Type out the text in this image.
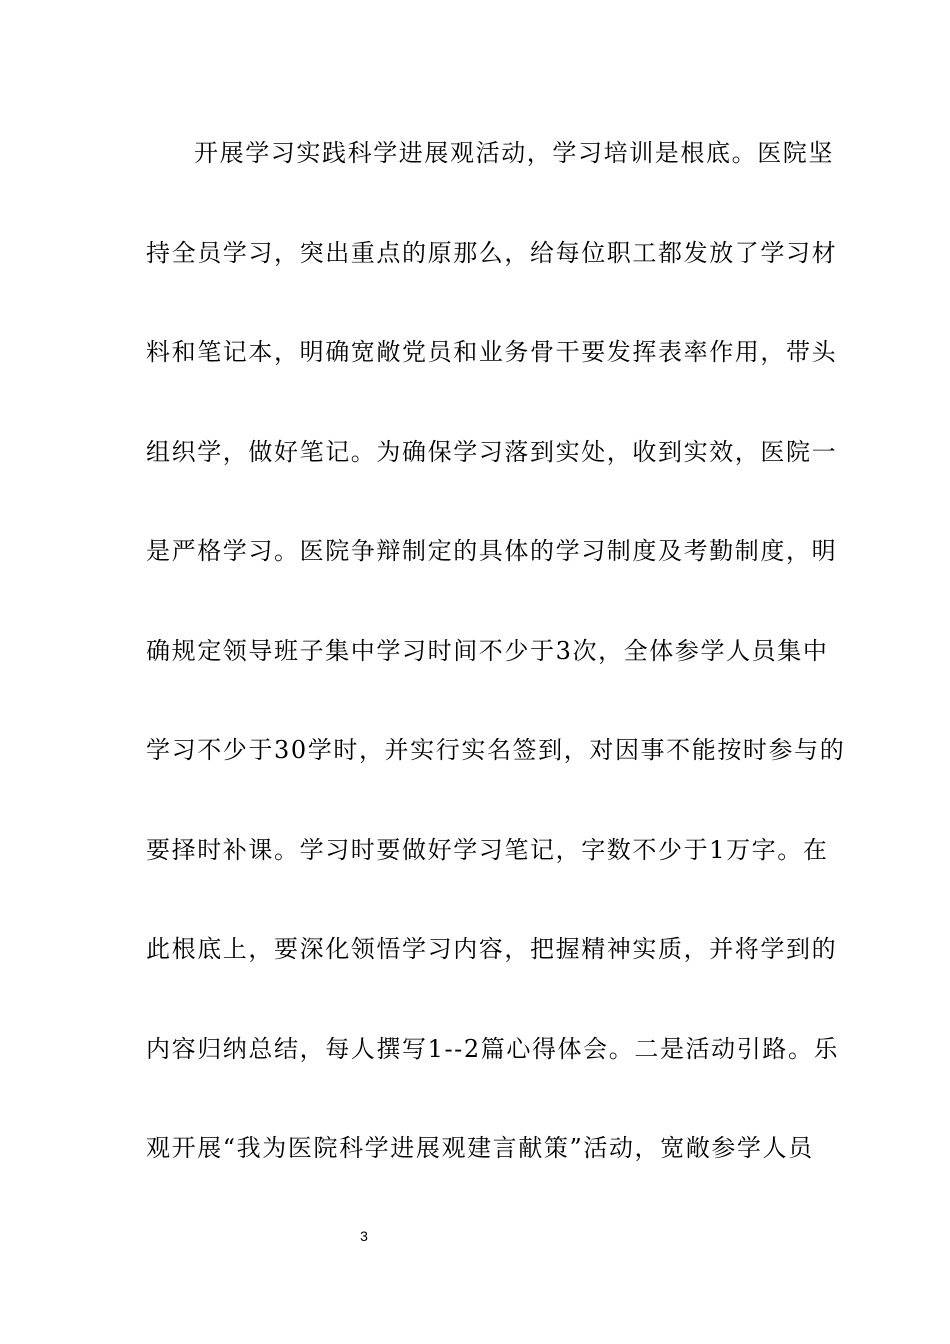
开展学习实践科学进展观活动，学习培训是根底。医院坚
持全员学习，突出重点的原那么，给每位职工都发放了学习材
料和笔记本，明确宽敞党员和业务骨干要发挥表率作用，带头
组织学，做好笔记。为确保学习落到实处，收到实效，医院一
是严格学习。医院争辩制定的具体的学习制度及考勤制度，明
确规定领导班子集中学习时间不少于3次，全体参学人员集中
学习不少于30学时，并实行实名签到，对因事不能按时参与的
要择时补课。学习时要做好学习笔记，字数不少于1万字。在
此根底上，要深化领悟学习内容，把握精神实质，并将学到的
内容归纳总结，每人撰写1--2篇心得体会。二是活动引路。乐
观开展“我为医院科学进展观建言献策”活动，宽敞参学人员
3
